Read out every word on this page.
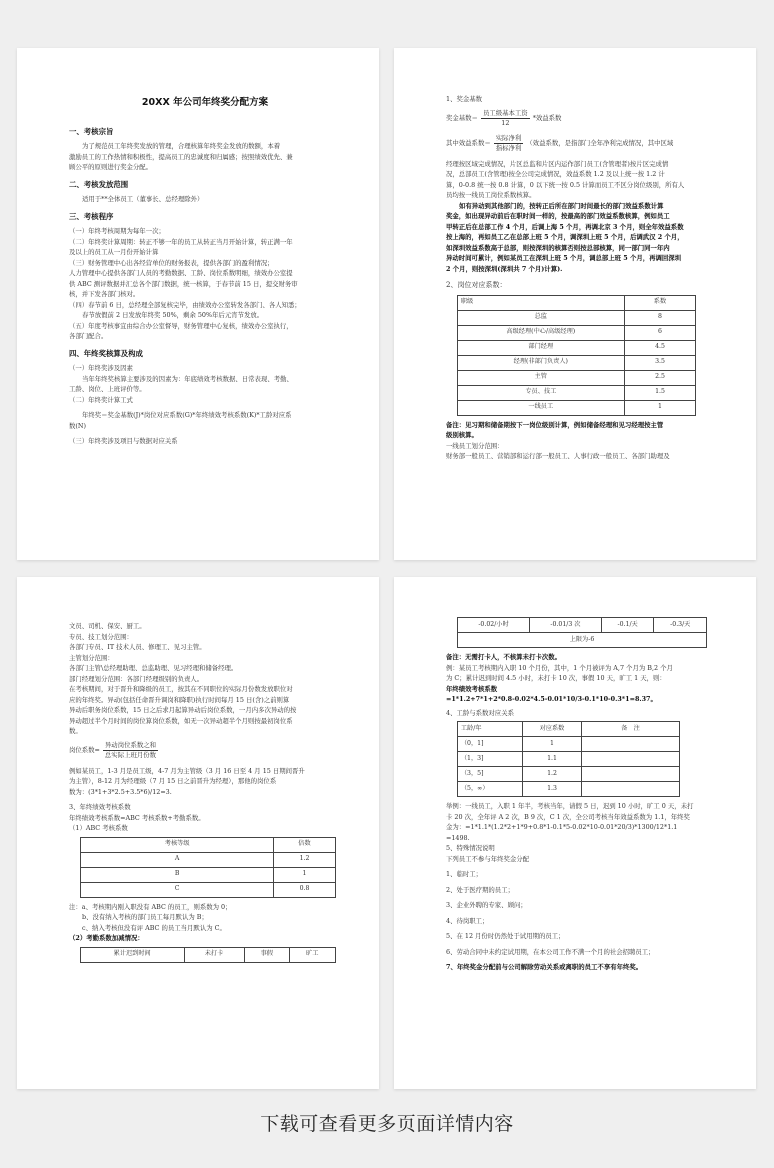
20XX 年公司年终奖分配方案
一、考核宗旨
为了规范员工年终奖发放的管理，合理核算年终奖金发放的数额，本着
激励员工的工作热情和积极性，提高员工的忠诚度和归属感；按照绩效优先、兼
顾公平的原则进行奖金分配。
二、考核发放范围
适用于**全体员工（董事长、总经理除外）
三、考核程序
（一）年终考核周期为每年一次；
（二）年终奖计算周期：转正不够一年的员工从转正当月开始计算，转正满一年
及以上的员工从一月份开始计算
（三）财务管理中心出各经营单位的财务报表，提供各部门的盈利情况；
人力管理中心提供各部门人员的考勤数据、工龄、岗位系数明细，绩效办公室提
供 ABC 测评数据并汇总各个部门数据，统一核算，于春节前 15 日，提交财务审
核，并下发各部门核对。
（四）春节前 6 日，总经理全部复核完毕，由绩效办公室转发各部门、各人知悉；
春节放假前 2 日发放年终奖 50%，剩余 50%年后元宵节发放。
（五）年度考核事宜由综合办公室督导，财务管理中心复核，绩效办公室执行，
各部门配合。
四、年终奖核算及构成
（一）年终奖涉及因素
当年年终奖核算主要涉及的因素为：年底绩效考核数据、日常表现、考勤、
工龄、岗位、上班评价等。
（二）年终奖计算工式
年终奖＝奖金基数(J)*岗位对应系数(G)*年终绩效考核系数(K)*工龄对应系
数(N)
（三）年终奖涉及项目与数据对应关系
1、奖金基数
奖金基数＝ $\frac{\text{员工级基本工资}}{12}$ *效益系数
其中效益系数＝ $\frac{\text{实际净利}}{\text{指标净利}}$ （效益系数，是指部门全年净利完成情况，其中区域
经理按区域完成情况，片区总监和片区内运作部门员工(含管理者)按片区完成情
况，总部员工(含管理)按全公司完成情况，效益系数 1.2 及以上统一按 1.2 计
算，0-0.8 统一按 0.8 计算，0 以下统一按 0.5 计算而员工不区分岗位级别，所有人
员均按一线员工岗位系数核算。
如有异动到其他部门的，按转正后所在部门时间最长的部门效益系数计算
奖金，如出现异动前后在职时间一样的，按最高的部门效益系数核算，例如员工
甲转正后在总部工作 4 个月，后调上海 5 个月，再调北京 3 个月，则全年效益系数
按上海的，再如员工乙在总部上班 5 个月，调深圳上班 5 个月，后调武汉 2 个月，
如深圳效益系数高于总部，则按深圳的核算否则按总部核算，同一部门同一年内
异动时间可累计，例如某员工在深圳上班 5 个月，调总部上班 5 个月，再调回深圳
2 个月，则按深圳(深圳共 7 个月)计算).
2、岗位对应系数：
职级	系数
总监	8
高级经理(中心/高级经理)	6
部门经理	4.5
经理(非部门负责人)	3.5
主管	2.5
专员、技工	1.5
一线员工	1
备注：见习期和储备期按下一岗位级别计算，例如储备经理和见习经理按主管
级别核算。
一线员工划分范围：
财务部一般员工、营销部和运行部一般员工、人事行政一般员工、各部门助理及
文员、司机、保安、厨工。
专员、技工划分范围：
各部门专员、IT 技术人员、修理工、见习主管。
主管划分范围：
各部门主管\总经理助理、总监助理、见习经理和储备经理。
部门经理划分范围：各部门经理级别的负责人。
在考核期间，对于晋升和降级的员工，按其在不同职位的实际月份数发放职位对
应的年终奖。异动(包括任命晋升调岗和降职)执行时间每月 15 日(含)之前则算
异动后职务岗位系数，15 日之后求月起算异动后岗位系数，一月内多次异动的按
异动超过半个月时间的岗位算岗位系数，如无一次异动超半个月则按最初岗位系
数。
岗位系数= $\frac{\text{异动岗位系数之和}}{\text{总实际上班月份数}}$
例如某员工，1-3 月是员工级，4-7 月为主管级（3 月 16 日至 4 月 15 日期间晋升
为主管），8-12 月为经理级（7 月 15 日之前晋升为经理），那他的岗位系
数为：(3*1+3*2.5+3.5*6)/12=3.
3、年终绩效考核系数
年终绩效考核系数=ABC 考核系数+考勤系数。
（1）ABC 考核系数
考核等级	倍数
A	1.2
B	1
C	0.8
注：a、考核期内刚入职没有 ABC 的员工，则系数为 0；
b、没有纳入考核的部门员工每月默认为 B；
c、纳入考核但没有评 ABC 的员工当月默认为 C。
（2）考勤系数加减情况：
累计迟到时间	未打卡	事假	旷工
-0.02/小时	-0.01/3 次	-0.1/天	-0.3/天
上限为-6
备注：无需打卡人，不核算未打卡次数。
例：某员工考核期内入职 10 个月份，其中，1 个月被评为 A,7 个月为 B,2 个月
为 C；累计迟到时间 4.5 小时，未打卡 10 次，事假 10 天，旷工 1 天，则：
年终绩效考核系数
=1*1.2+7*1+2*0.8-0.02*4.5-0.01*10/3-0.1*10-0.3*1=8.37。
4、工龄与系数对应关系
工龄/年	对应系数	备　注
（0，1]	1	
（1，3]	1.1	
（3，5]	1.2	
（5，∞）	1.3	
举例：一线员工，入职 1 年半，考核当年，请假 5 日，迟到 10 小时，旷工 0 天，未打
卡 20 次，全年评 A 2 次，B 9 次，C 1 次，全公司考核当年效益系数为 1.1，年终奖
金为：=1*1.1*(1.2*2+1*9+0.8*1-0.1*5-0.02*10-0.01*20/3)*1300/12*1.1
=1498.
5、特殊情况说明
下列员工不参与年终奖金分配
1、临时工；
2、处于医疗期的员工；
3、企业外聘的专家、顾问；
4、待岗职工；
5、在 12 月份时仍然处于试用期的员工；
6、劳动合同中未约定试用期，在本公司工作不满一个月的社会招聘员工；
7、年终奖金分配前与公司解除劳动关系或离职的员工不享有年终奖。
下载可查看更多页面详情内容
